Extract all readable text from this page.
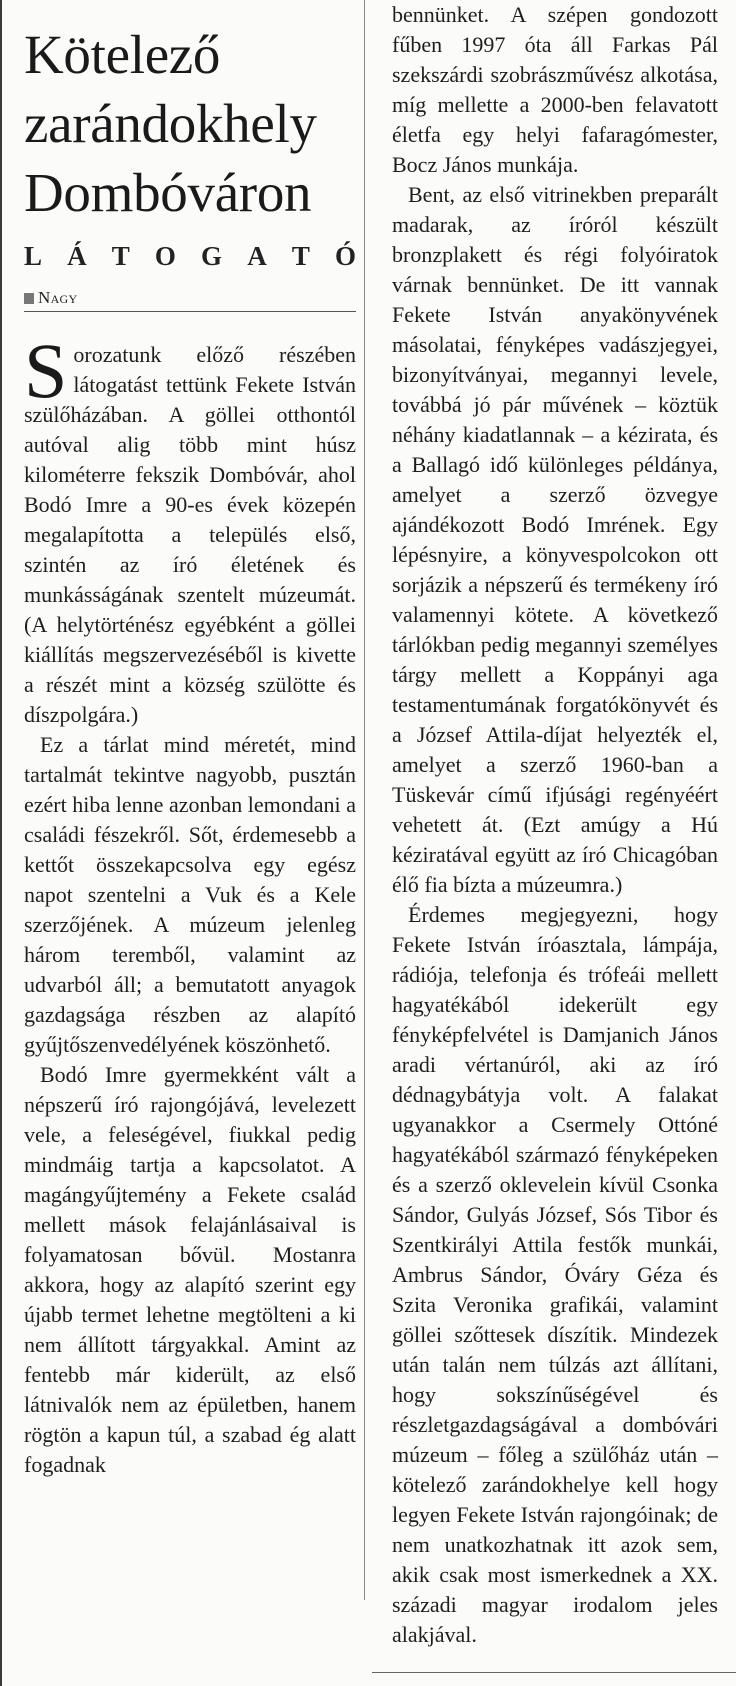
Kötelező
zarándokhely
Dombóváron
L Á T O G A T Ó
Nagy

Sorozatunk előző részében látogatást tettünk Fekete István szülőházában. A göllei otthontól autóval alig több mint húsz kilométerre fekszik Dombóvár, ahol Bodó Imre a 90-es évek közepén megalapította a település első, szintén az író életének és munkásságának szentelt múzeumát. (A helytörténész egyébként a göllei kiállítás megszervezéséből is kivette a részét mint a község szülötte és díszpolgára.)

Ez a tárlat mind méretét, mind tartalmát tekintve nagyobb, pusztán ezért hiba lenne azonban lemondani a családi fészekről. Sőt, érdemesebb a kettőt összekapcsolva egy egész napot szentelni a Vuk és a Kele szerzőjének. A múzeum jelenleg három teremből, valamint az udvarból áll; a bemutatott anyagok gazdagsága részben az alapító gyűjtőszenvedélyének köszönhető.

Bodó Imre gyermekként vált a népszerű író rajongójává, levelezett vele, a feleségével, fiukkal pedig mindmáig tartja a kapcsolatot. A magángyűjtemény a Fekete család mellett mások felajánlásaival is folyamatosan bővül. Mostanra akkora, hogy az alapító szerint egy újabb termet lehetne megtölteni a ki nem állított tárgyakkal. Amint az fentebb már kiderült, az első látnivalók nem az épületben, hanem rögtön a kapun túl, a szabad ég alatt fogadnak

bennünket. A szépen gondozott fűben 1997 óta áll Farkas Pál szekszárdi szobrászművész alkotása, míg mellette a 2000-ben felavatott életfa egy helyi fafaragómester, Bocz János munkája.

Bent, az első vitrinekben preparált madarak, az íróról készült bronzplakett és régi folyóiratok várnak bennünket. De itt vannak Fekete István anyakönyvének másolatai, fényképes vadászjegyei, bizonyítványai, megannyi levele, továbbá jó pár művének – köztük néhány kiadatlannak – a kézirata, és a Ballagó idő különleges példánya, amelyet a szerző özvegye ajándékozott Bodó Imrének. Egy lépésnyire, a könyvespolcokon ott sorjázik a népszerű és termékeny író valamennyi kötete. A következő tárlókban pedig megannyi személyes tárgy mellett a Koppányi aga testamentumának forgatókönyvét és a József Attila-díjat helyezték el, amelyet a szerző 1960-ban a Tüskevár című ifjúsági regényéért vehetett át. (Ezt amúgy a Hú kéziratával együtt az író Chicagóban élő fia bízta a múzeumra.)

Érdemes megjegyezni, hogy Fekete István íróasztala, lámpája, rádiója, telefonja és trófeái mellett hagyatékából idekerült egy fényképfelvétel is Damjanich János aradi vértanúról, aki az író dédnagybátyja volt. A falakat ugyanakkor a Csermely Ottóné hagyatékából származó fényképeken és a szerző oklevelein kívül Csonka Sándor, Gulyás József, Sós Tibor és Szentkirályi Attila festők munkái, Ambrus Sándor, Óváry Géza és Szita Veronika grafikái, valamint göllei szőttesek díszítik. Mindezek után talán nem túlzás azt állítani, hogy sokszínűségével és részletgazdagságával a dombóvári múzeum – főleg a szülőház után – kötelező zarándokhelye kell hogy legyen Fekete István rajongóinak; de nem unatkozhatnak itt azok sem, akik csak most ismerkednek a XX. századi magyar irodalom jeles alakjával.
